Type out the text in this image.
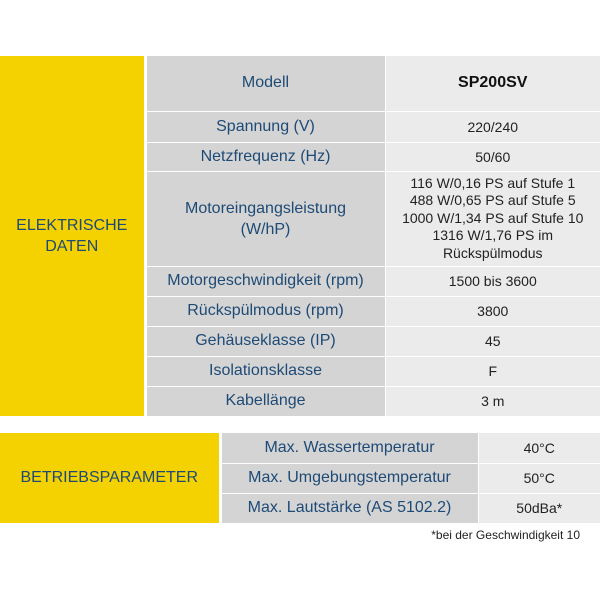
ELEKTRISCHE
DATEN	Modell	SP200SV
	Spannung (V)	220/240
	Netzfrequenz (Hz)	50/60

	Motoreingangsleistung
(W/hP)	116 W/0,16 PS auf Stufe 1
488 W/0,65 PS auf Stufe 5
1000 W/1,34 PS auf Stufe 10
1316 W/1,76 PS im
Rückspülmodus

	Motorgeschwindigkeit (rpm)	1500 bis 3600
	Rückspülmodus (rpm)	3800
	Gehäuseklasse (IP)	45
	Isolationsklasse	F
	Kabellänge	3 m
BETRIEBSPARAMETER	Max. Wassertemperatur	40°C
	Max. Umgebungstemperatur	50°C
	Max. Lautstärke (AS 5102.2)	50dBa*
*bei der Geschwindigkeit 10
